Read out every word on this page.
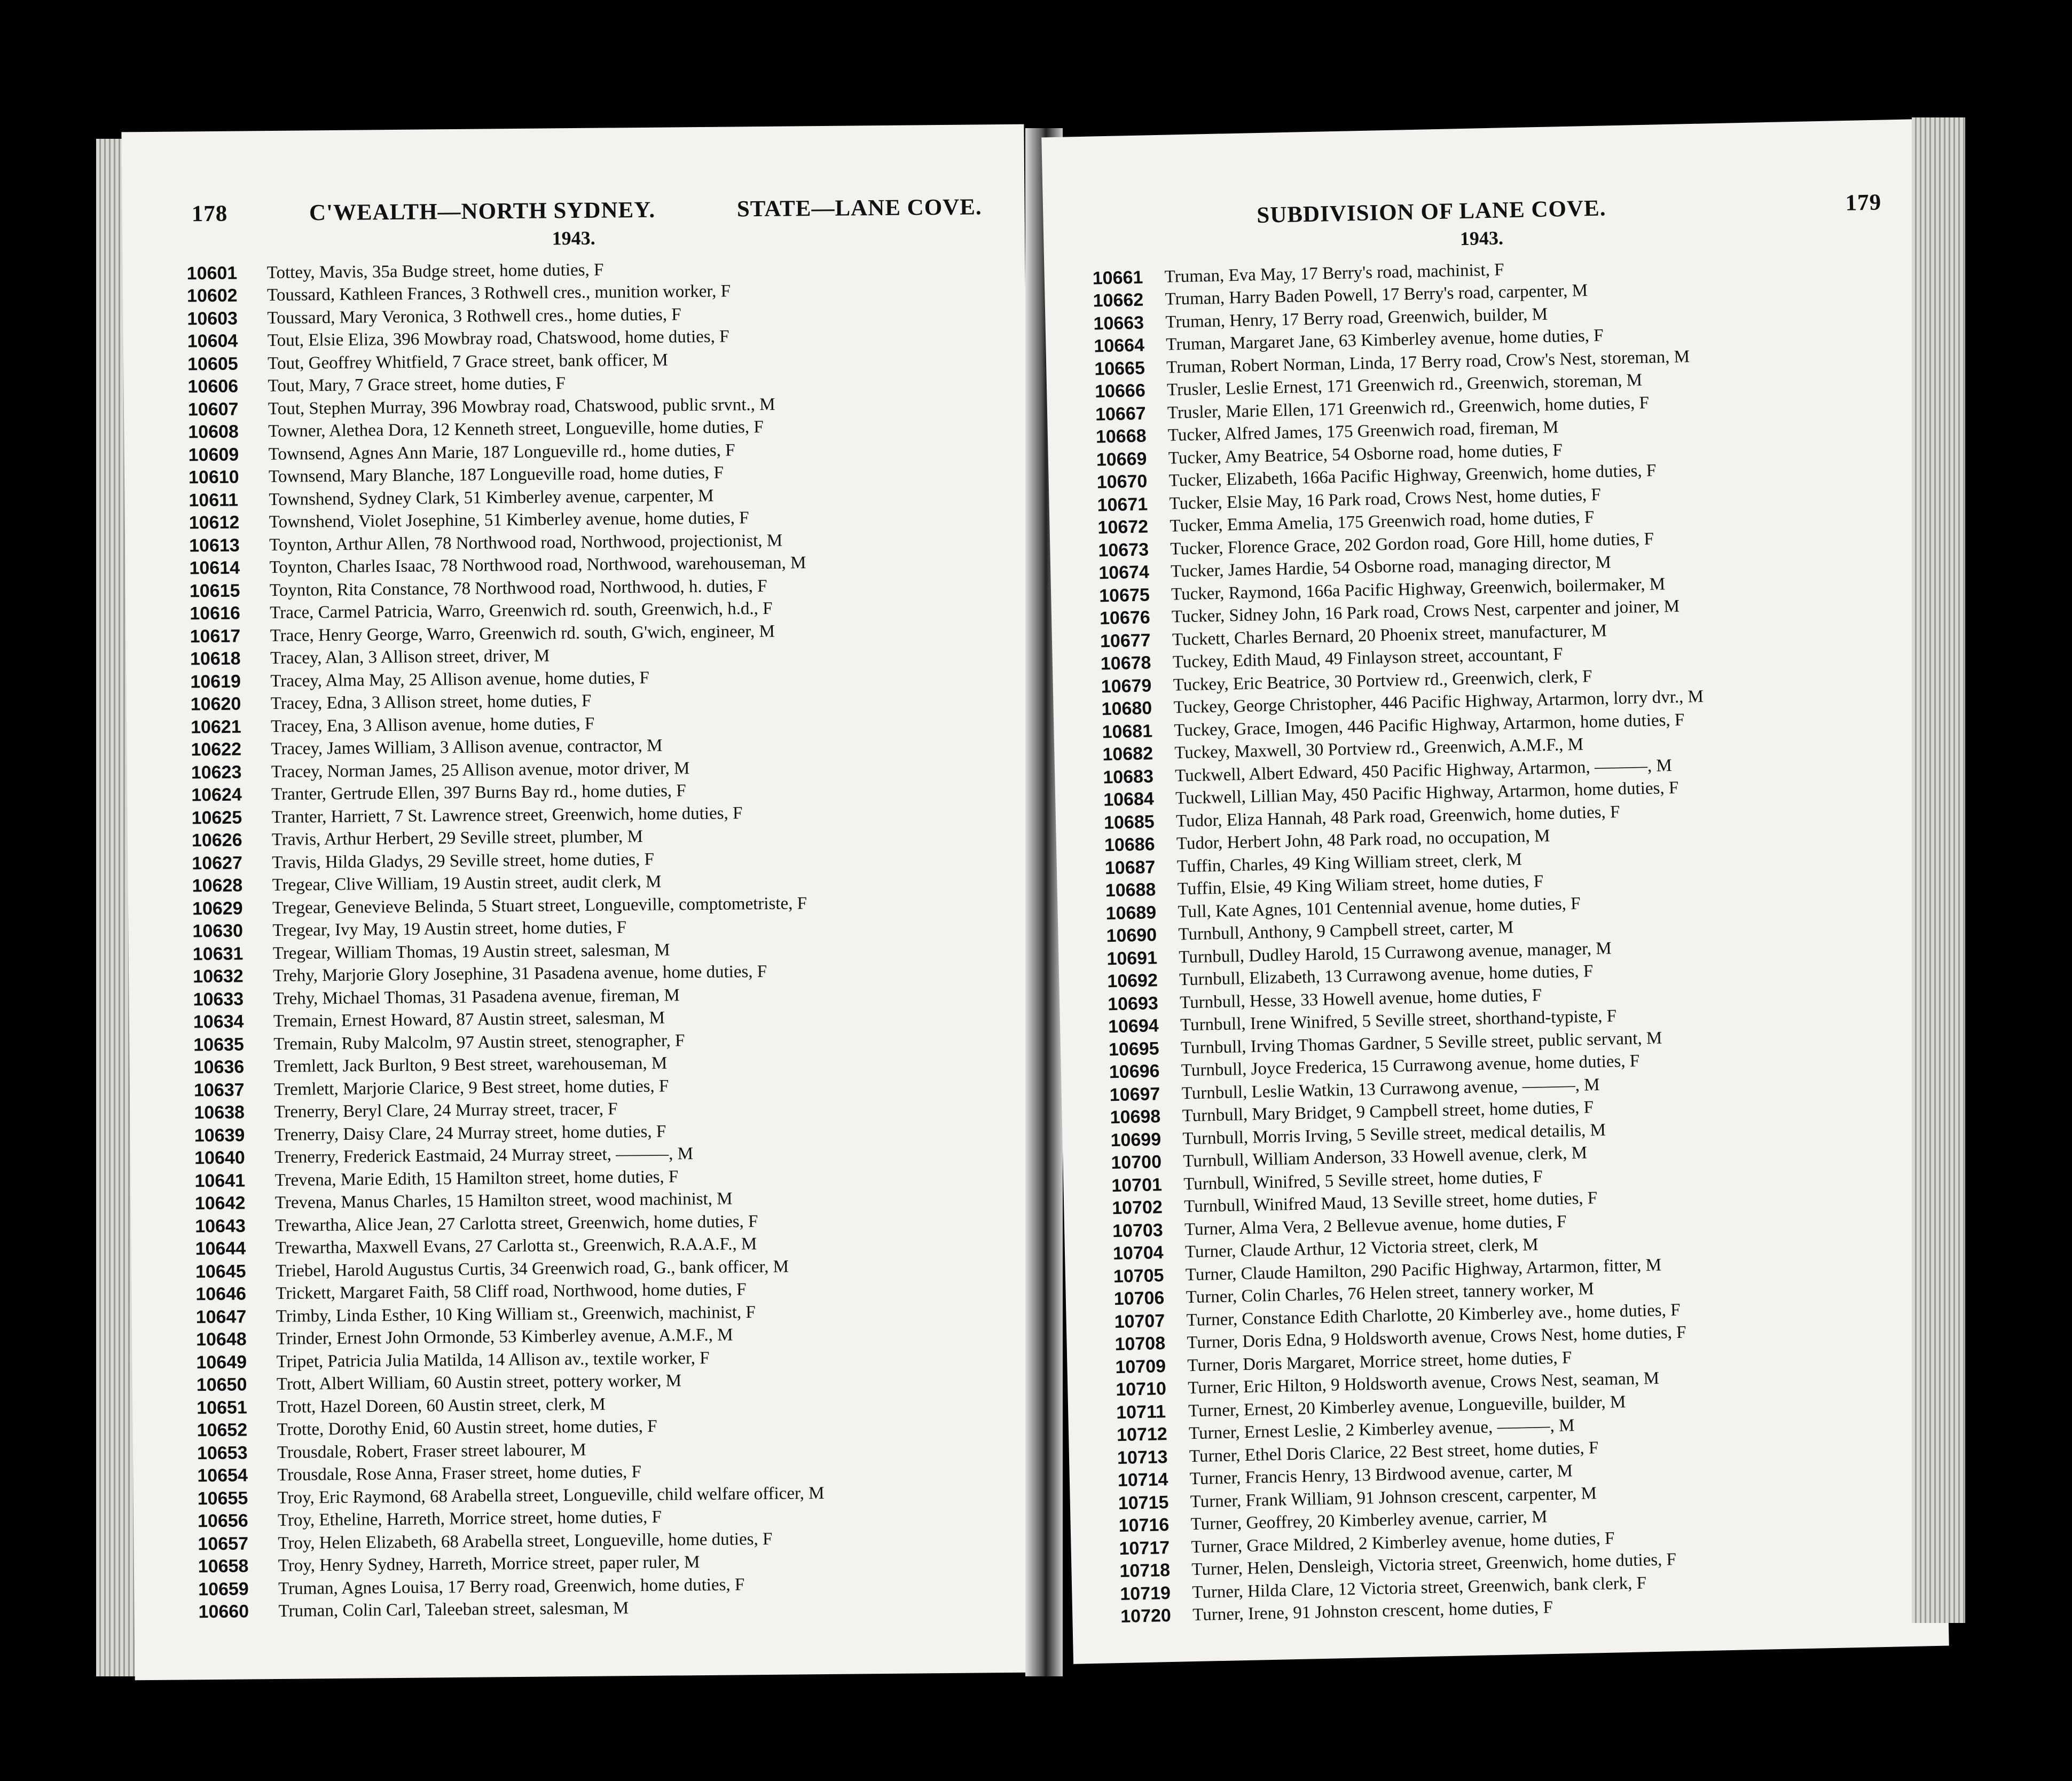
178	C'WEALTH—NORTH SYDNEY.	STATE—LANE COVE.
1943.
10601	Tottey, Mavis, 35a Budge street, home duties, F
10602	Toussard, Kathleen Frances, 3 Rothwell cres., munition worker, F
10603	Toussard, Mary Veronica, 3 Rothwell cres., home duties, F
10604	Tout, Elsie Eliza, 396 Mowbray road, Chatswood, home duties, F
10605	Tout, Geoffrey Whitfield, 7 Grace street, bank officer, M
10606	Tout, Mary, 7 Grace street, home duties, F
10607	Tout, Stephen Murray, 396 Mowbray road, Chatswood, public srvnt., M
10608	Towner, Alethea Dora, 12 Kenneth street, Longueville, home duties, F
10609	Townsend, Agnes Ann Marie, 187 Longueville rd., home duties, F
10610	Townsend, Mary Blanche, 187 Longueville road, home duties, F
10611	Townshend, Sydney Clark, 51 Kimberley avenue, carpenter, M
10612	Townshend, Violet Josephine, 51 Kimberley avenue, home duties, F
10613	Toynton, Arthur Allen, 78 Northwood road, Northwood, projectionist, M
10614	Toynton, Charles Isaac, 78 Northwood road, Northwood, warehouseman, M
10615	Toynton, Rita Constance, 78 Northwood road, Northwood, h. duties, F
10616	Trace, Carmel Patricia, Warro, Greenwich rd. south, Greenwich, h.d., F
10617	Trace, Henry George, Warro, Greenwich rd. south, G'wich, engineer, M
10618	Tracey, Alan, 3 Allison street, driver, M
10619	Tracey, Alma May, 25 Allison avenue, home duties, F
10620	Tracey, Edna, 3 Allison street, home duties, F
10621	Tracey, Ena, 3 Allison avenue, home duties, F
10622	Tracey, James William, 3 Allison avenue, contractor, M
10623	Tracey, Norman James, 25 Allison avenue, motor driver, M
10624	Tranter, Gertrude Ellen, 397 Burns Bay rd., home duties, F
10625	Tranter, Harriett, 7 St. Lawrence street, Greenwich, home duties, F
10626	Travis, Arthur Herbert, 29 Seville street, plumber, M
10627	Travis, Hilda Gladys, 29 Seville street, home duties, F
10628	Tregear, Clive William, 19 Austin street, audit clerk, M
10629	Tregear, Genevieve Belinda, 5 Stuart street, Longueville, comptometriste, F
10630	Tregear, Ivy May, 19 Austin street, home duties, F
10631	Tregear, William Thomas, 19 Austin street, salesman, M
10632	Trehy, Marjorie Glory Josephine, 31 Pasadena avenue, home duties, F
10633	Trehy, Michael Thomas, 31 Pasadena avenue, fireman, M
10634	Tremain, Ernest Howard, 87 Austin street, salesman, M
10635	Tremain, Ruby Malcolm, 97 Austin street, stenographer, F
10636	Tremlett, Jack Burlton, 9 Best street, warehouseman, M
10637	Tremlett, Marjorie Clarice, 9 Best street, home duties, F
10638	Trenerry, Beryl Clare, 24 Murray street, tracer, F
10639	Trenerry, Daisy Clare, 24 Murray street, home duties, F
10640	Trenerry, Frederick Eastmaid, 24 Murray street, ———, M
10641	Trevena, Marie Edith, 15 Hamilton street, home duties, F
10642	Trevena, Manus Charles, 15 Hamilton street, wood machinist, M
10643	Trewartha, Alice Jean, 27 Carlotta street, Greenwich, home duties, F
10644	Trewartha, Maxwell Evans, 27 Carlotta st., Greenwich, R.A.A.F., M
10645	Triebel, Harold Augustus Curtis, 34 Greenwich road, G., bank officer, M
10646	Trickett, Margaret Faith, 58 Cliff road, Northwood, home duties, F
10647	Trimby, Linda Esther, 10 King William st., Greenwich, machinist, F
10648	Trinder, Ernest John Ormonde, 53 Kimberley avenue, A.M.F., M
10649	Tripet, Patricia Julia Matilda, 14 Allison av., textile worker, F
10650	Trott, Albert William, 60 Austin street, pottery worker, M
10651	Trott, Hazel Doreen, 60 Austin street, clerk, M
10652	Trotte, Dorothy Enid, 60 Austin street, home duties, F
10653	Trousdale, Robert, Fraser street labourer, M
10654	Trousdale, Rose Anna, Fraser street, home duties, F
10655	Troy, Eric Raymond, 68 Arabella street, Longueville, child welfare officer, M
10656	Troy, Etheline, Harreth, Morrice street, home duties, F
10657	Troy, Helen Elizabeth, 68 Arabella street, Longueville, home duties, F
10658	Troy, Henry Sydney, Harreth, Morrice street, paper ruler, M
10659	Truman, Agnes Louisa, 17 Berry road, Greenwich, home duties, F
10660	Truman, Colin Carl, Taleeban street, salesman, M
SUBDIVISION OF LANE COVE.	179
1943.
10661	Truman, Eva May, 17 Berry's road, machinist, F
10662	Truman, Harry Baden Powell, 17 Berry's road, carpenter, M
10663	Truman, Henry, 17 Berry road, Greenwich, builder, M
10664	Truman, Margaret Jane, 63 Kimberley avenue, home duties, F
10665	Truman, Robert Norman, Linda, 17 Berry road, Crow's Nest, storeman, M
10666	Trusler, Leslie Ernest, 171 Greenwich rd., Greenwich, storeman, M
10667	Trusler, Marie Ellen, 171 Greenwich rd., Greenwich, home duties, F
10668	Tucker, Alfred James, 175 Greenwich road, fireman, M
10669	Tucker, Amy Beatrice, 54 Osborne road, home duties, F
10670	Tucker, Elizabeth, 166a Pacific Highway, Greenwich, home duties, F
10671	Tucker, Elsie May, 16 Park road, Crows Nest, home duties, F
10672	Tucker, Emma Amelia, 175 Greenwich road, home duties, F
10673	Tucker, Florence Grace, 202 Gordon road, Gore Hill, home duties, F
10674	Tucker, James Hardie, 54 Osborne road, managing director, M
10675	Tucker, Raymond, 166a Pacific Highway, Greenwich, boilermaker, M
10676	Tucker, Sidney John, 16 Park road, Crows Nest, carpenter and joiner, M
10677	Tuckett, Charles Bernard, 20 Phoenix street, manufacturer, M
10678	Tuckey, Edith Maud, 49 Finlayson street, accountant, F
10679	Tuckey, Eric Beatrice, 30 Portview rd., Greenwich, clerk, F
10680	Tuckey, George Christopher, 446 Pacific Highway, Artarmon, lorry dvr., M
10681	Tuckey, Grace, Imogen, 446 Pacific Highway, Artarmon, home duties, F
10682	Tuckey, Maxwell, 30 Portview rd., Greenwich, A.M.F., M
10683	Tuckwell, Albert Edward, 450 Pacific Highway, Artarmon, ———, M
10684	Tuckwell, Lillian May, 450 Pacific Highway, Artarmon, home duties, F
10685	Tudor, Eliza Hannah, 48 Park road, Greenwich, home duties, F
10686	Tudor, Herbert John, 48 Park road, no occupation, M
10687	Tuffin, Charles, 49 King William street, clerk, M
10688	Tuffin, Elsie, 49 King Wiliam street, home duties, F
10689	Tull, Kate Agnes, 101 Centennial avenue, home duties, F
10690	Turnbull, Anthony, 9 Campbell street, carter, M
10691	Turnbull, Dudley Harold, 15 Currawong avenue, manager, M
10692	Turnbull, Elizabeth, 13 Currawong avenue, home duties, F
10693	Turnbull, Hesse, 33 Howell avenue, home duties, F
10694	Turnbull, Irene Winifred, 5 Seville street, shorthand-typiste, F
10695	Turnbull, Irving Thomas Gardner, 5 Seville street, public servant, M
10696	Turnbull, Joyce Frederica, 15 Currawong avenue, home duties, F
10697	Turnbull, Leslie Watkin, 13 Currawong avenue, ———, M
10698	Turnbull, Mary Bridget, 9 Campbell street, home duties, F
10699	Turnbull, Morris Irving, 5 Seville street, medical detailis, M
10700	Turnbull, William Anderson, 33 Howell avenue, clerk, M
10701	Turnbull, Winifred, 5 Seville street, home duties, F
10702	Turnbull, Winifred Maud, 13 Seville street, home duties, F
10703	Turner, Alma Vera, 2 Bellevue avenue, home duties, F
10704	Turner, Claude Arthur, 12 Victoria street, clerk, M
10705	Turner, Claude Hamilton, 290 Pacific Highway, Artarmon, fitter, M
10706	Turner, Colin Charles, 76 Helen street, tannery worker, M
10707	Turner, Constance Edith Charlotte, 20 Kimberley ave., home duties, F
10708	Turner, Doris Edna, 9 Holdsworth avenue, Crows Nest, home duties, F
10709	Turner, Doris Margaret, Morrice street, home duties, F
10710	Turner, Eric Hilton, 9 Holdsworth avenue, Crows Nest, seaman, M
10711	Turner, Ernest, 20 Kimberley avenue, Longueville, builder, M
10712	Turner, Ernest Leslie, 2 Kimberley avenue, ———, M
10713	Turner, Ethel Doris Clarice, 22 Best street, home duties, F
10714	Turner, Francis Henry, 13 Birdwood avenue, carter, M
10715	Turner, Frank William, 91 Johnson crescent, carpenter, M
10716	Turner, Geoffrey, 20 Kimberley avenue, carrier, M
10717	Turner, Grace Mildred, 2 Kimberley avenue, home duties, F
10718	Turner, Helen, Densleigh, Victoria street, Greenwich, home duties, F
10719	Turner, Hilda Clare, 12 Victoria street, Greenwich, bank clerk, F
10720	Turner, Irene, 91 Johnston crescent, home duties, F
